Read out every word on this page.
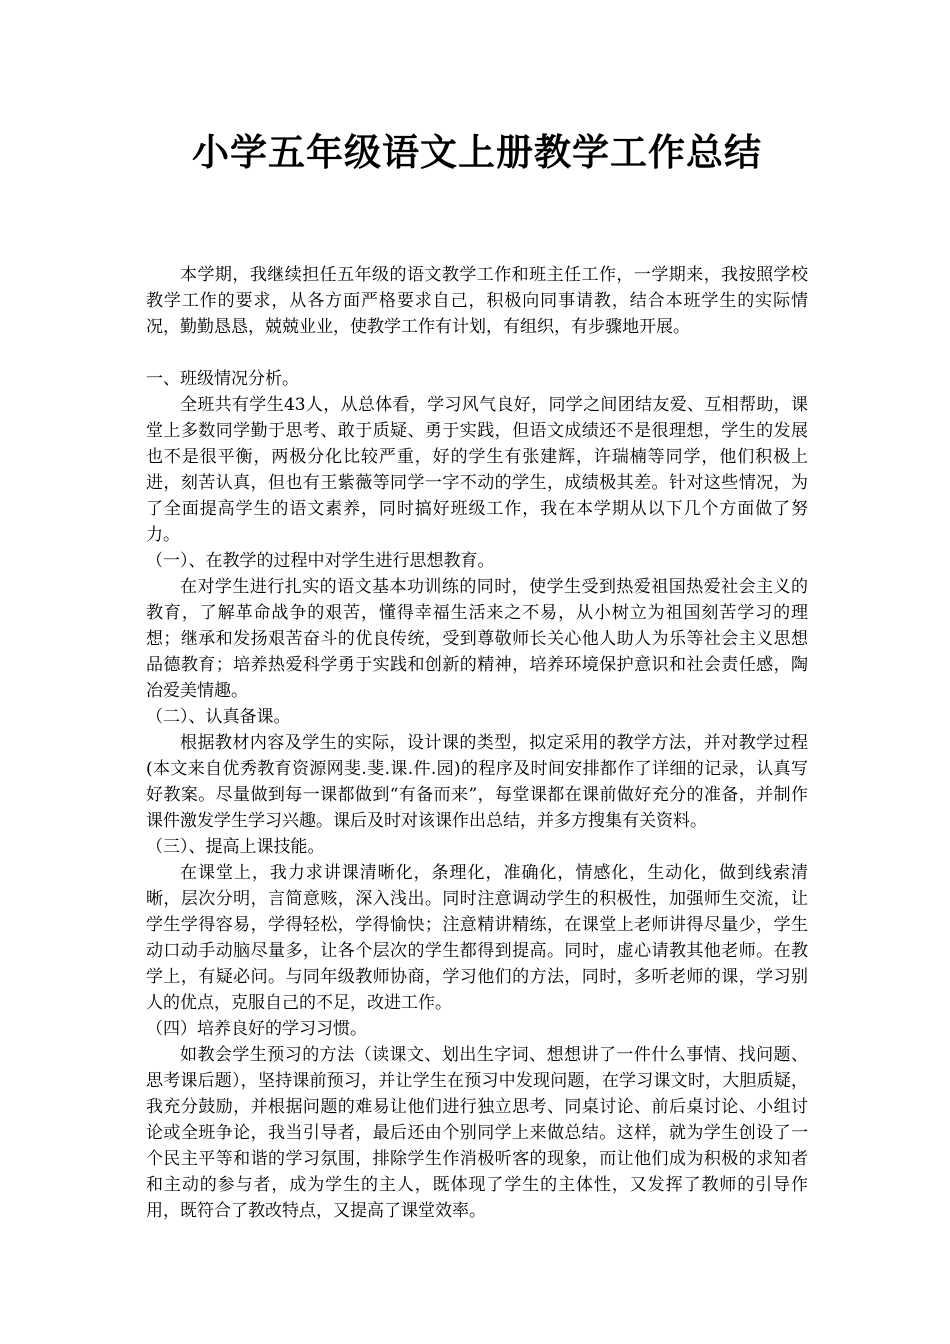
小学五年级语文上册教学工作总结

本学期，我继续担任五年级的语文教学工作和班主任工作，一学期来，我按照学校教学工作的要求，从各方面严格要求自己，积极向同事请教，结合本班学生的实际情况，勤勤恳恳，兢兢业业，使教学工作有计划，有组织，有步骤地开展。

一、班级情况分析。

全班共有学生43人，从总体看，学习风气良好，同学之间团结友爱、互相帮助，课堂上多数同学勤于思考、敢于质疑、勇于实践，但语文成绩还不是很理想，学生的发展也不是很平衡，两极分化比较严重，好的学生有张建辉，许瑞楠等同学，他们积极上进，刻苦认真，但也有王紫薇等同学一字不动的学生，成绩极其差。针对这些情况，为了全面提高学生的语文素养，同时搞好班级工作，我在本学期从以下几个方面做了努力。

（一）、在教学的过程中对学生进行思想教育。

在对学生进行扎实的语文基本功训练的同时，使学生受到热爱祖国热爱社会主义的教育，了解革命战争的艰苦，懂得幸福生活来之不易，从小树立为祖国刻苦学习的理想；继承和发扬艰苦奋斗的优良传统，受到尊敬师长关心他人助人为乐等社会主义思想品德教育；培养热爱科学勇于实践和创新的精神，培养环境保护意识和社会责任感，陶冶爱美情趣。

（二）、认真备课。

根据教材内容及学生的实际，设计课的类型，拟定采用的教学方法，并对教学过程(本文来自优秀教育资源网斐.斐.课.件.园)的程序及时间安排都作了详细的记录，认真写好教案。尽量做到每一课都做到“有备而来”，每堂课都在课前做好充分的准备，并制作课件激发学生学习兴趣。课后及时对该课作出总结，并多方搜集有关资料。

（三）、提高上课技能。

在课堂上，我力求讲课清晰化，条理化，准确化，情感化，生动化，做到线索清晰，层次分明，言简意赅，深入浅出。同时注意调动学生的积极性，加强师生交流，让学生学得容易，学得轻松，学得愉快；注意精讲精练，在课堂上老师讲得尽量少，学生动口动手动脑尽量多，让各个层次的学生都得到提高。同时，虚心请教其他老师。在教学上，有疑必问。与同年级教师协商，学习他们的方法，同时，多听老师的课，学习别人的优点，克服自己的不足，改进工作。

（四）培养良好的学习习惯。

如教会学生预习的方法（读课文、划出生字词、想想讲了一件什么事情、找问题、思考课后题），坚持课前预习，并让学生在预习中发现问题，在学习课文时，大胆质疑，我充分鼓励，并根据问题的难易让他们进行独立思考、同桌讨论、前后桌讨论、小组讨论或全班争论，我当引导者，最后还由个别同学上来做总结。这样，就为学生创设了一个民主平等和谐的学习氛围，排除学生作消极听客的现象，而让他们成为积极的求知者和主动的参与者，成为学生的主人，既体现了学生的主体性，又发挥了教师的引导作用，既符合了教改特点，又提高了课堂效率。
